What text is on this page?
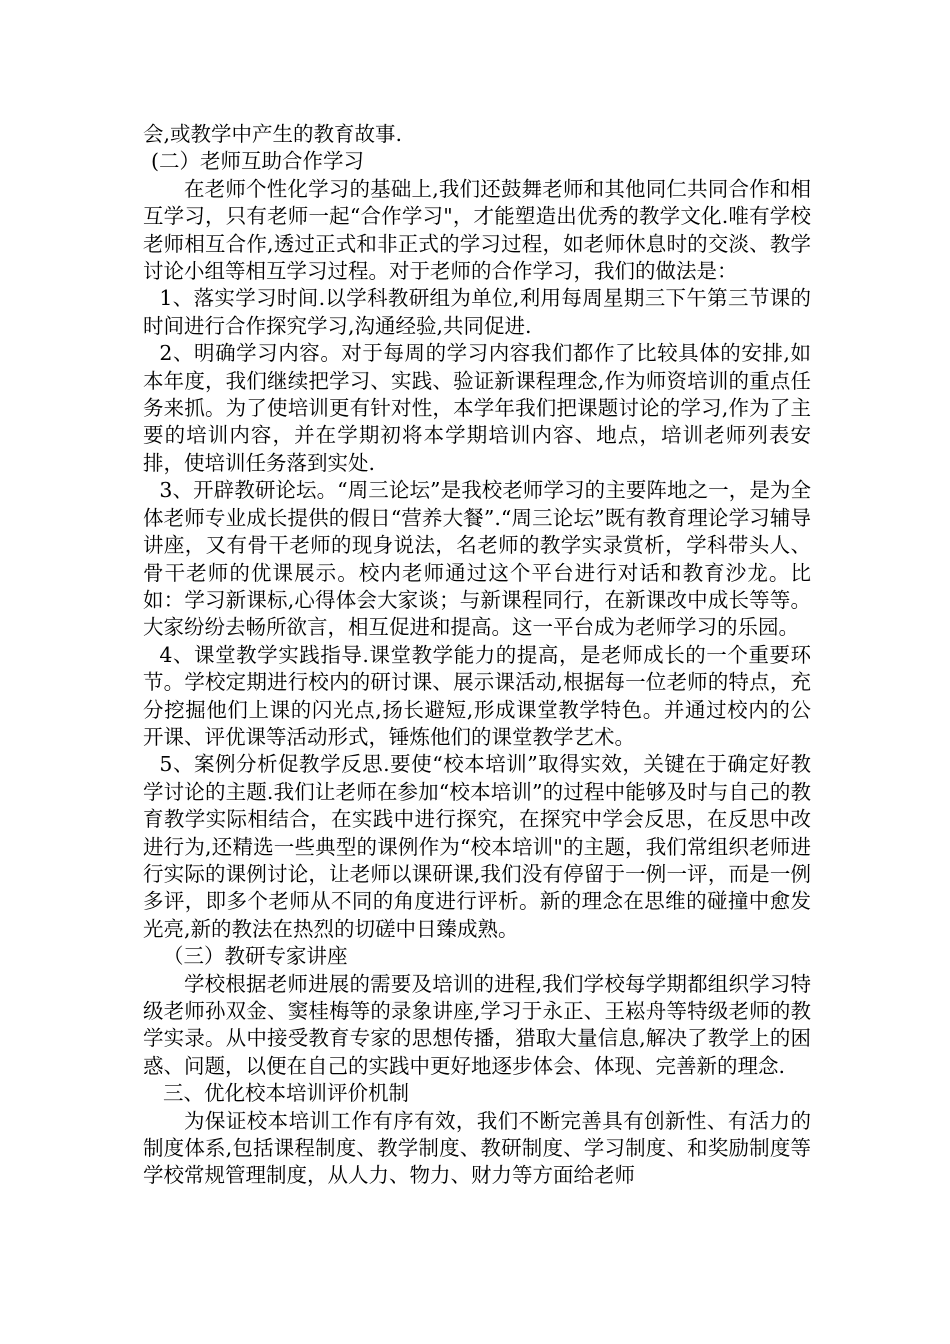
会,或教学中产生的教育故事.

(二）老师互助合作学习

在老师个性化学习的基础上,我们还鼓舞老师和其他同仁共同合作和相互学习，只有老师一起“合作学习"，才能塑造出优秀的教学文化.唯有学校老师相互合作,透过正式和非正式的学习过程，如老师休息时的交淡、教学讨论小组等相互学习过程。对于老师的合作学习，我们的做法是：

1、落实学习时间.以学科教研组为单位,利用每周星期三下午第三节课的时间进行合作探究学习,沟通经验,共同促进.

2、明确学习内容。对于每周的学习内容我们都作了比较具体的安排,如本年度，我们继续把学习、实践、验证新课程理念,作为师资培训的重点任务来抓。为了使培训更有针对性，本学年我们把课题讨论的学习,作为了主要的培训内容，并在学期初将本学期培训内容、地点，培训老师列表安排，使培训任务落到实处.

3、开辟教研论坛。“周三论坛”是我校老师学习的主要阵地之一，是为全体老师专业成长提供的假日“营养大餐”.“周三论坛”既有教育理论学习辅导讲座，又有骨干老师的现身说法，名老师的教学实录赏析，学科带头人、骨干老师的优课展示。校内老师通过这个平台进行对话和教育沙龙。比如：学习新课标,心得体会大家谈；与新课程同行，在新课改中成长等等。大家纷纷去畅所欲言，相互促进和提高。这一平台成为老师学习的乐园。

4、课堂教学实践指导.课堂教学能力的提高，是老师成长的一个重要环节。学校定期进行校内的研讨课、展示课活动,根据每一位老师的特点，充分挖掘他们上课的闪光点,扬长避短,形成课堂教学特色。并通过校内的公开课、评优课等活动形式，锤炼他们的课堂教学艺术。

5、案例分析促教学反思.要使“校本培训”取得实效，关键在于确定好教学讨论的主题.我们让老师在参加“校本培训”的过程中能够及时与自己的教育教学实际相结合，在实践中进行探究，在探究中学会反思，在反思中改进行为,还精选一些典型的课例作为“校本培训"的主题，我们常组织老师进行实际的课例讨论，让老师以课研课,我们没有停留于一例一评，而是一例多评，即多个老师从不同的角度进行评析。新的理念在思维的碰撞中愈发光亮,新的教法在热烈的切磋中日臻成熟。

（三）教研专家讲座

学校根据老师进展的需要及培训的进程,我们学校每学期都组织学习特级老师孙双金、窦桂梅等的录象讲座,学习于永正、王崧舟等特级老师的教学实录。从中接受教育专家的思想传播，猎取大量信息,解决了教学上的困惑、问题，以便在自己的实践中更好地逐步体会、体现、完善新的理念.

三、优化校本培训评价机制

为保证校本培训工作有序有效，我们不断完善具有创新性、有活力的制度体系,包括课程制度、教学制度、教研制度、学习制度、和奖励制度等学校常规管理制度，从人力、物力、财力等方面给老师
